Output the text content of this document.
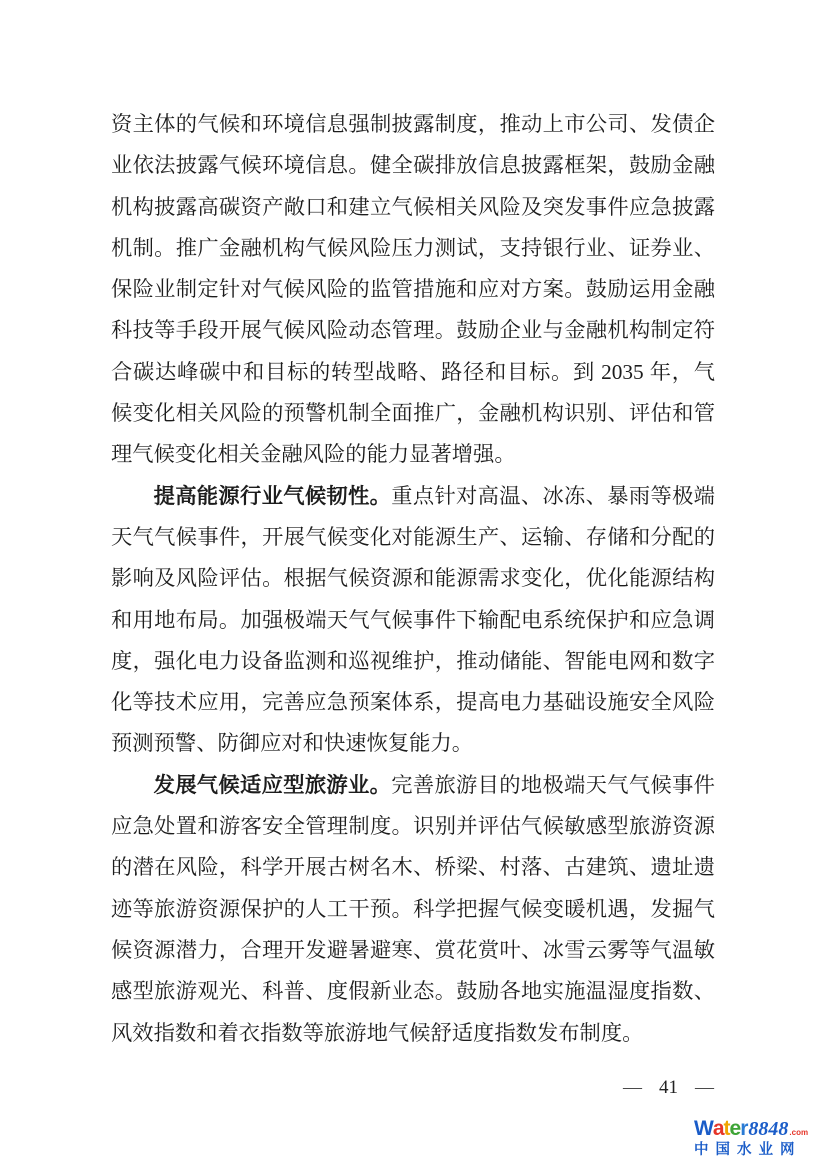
资主体的气候和环境信息强制披露制度，推动上市公司、发债企业依法披露气候环境信息。健全碳排放信息披露框架，鼓励金融机构披露高碳资产敞口和建立气候相关风险及突发事件应急披露机制。推广金融机构气候风险压力测试，支持银行业、证券业、保险业制定针对气候风险的监管措施和应对方案。鼓励运用金融科技等手段开展气候风险动态管理。鼓励企业与金融机构制定符合碳达峰碳中和目标的转型战略、路径和目标。到 2035 年，气候变化相关风险的预警机制全面推广，金融机构识别、评估和管理气候变化相关金融风险的能力显著增强。

提高能源行业气候韧性。重点针对高温、冰冻、暴雨等极端天气气候事件，开展气候变化对能源生产、运输、存储和分配的影响及风险评估。根据气候资源和能源需求变化，优化能源结构和用地布局。加强极端天气气候事件下输配电系统保护和应急调度，强化电力设备监测和巡视维护，推动储能、智能电网和数字化等技术应用，完善应急预案体系，提高电力基础设施安全风险预测预警、防御应对和快速恢复能力。

发展气候适应型旅游业。完善旅游目的地极端天气气候事件应急处置和游客安全管理制度。识别并评估气候敏感型旅游资源的潜在风险，科学开展古树名木、桥梁、村落、古建筑、遗址遗迹等旅游资源保护的人工干预。科学把握气候变暖机遇，发掘气候资源潜力，合理开发避暑避寒、赏花赏叶、冰雪云雾等气温敏感型旅游观光、科普、度假新业态。鼓励各地实施温湿度指数、风效指数和着衣指数等旅游地气候舒适度指数发布制度。

— 41 —
W a t e r 8848 .com
中国水业网
